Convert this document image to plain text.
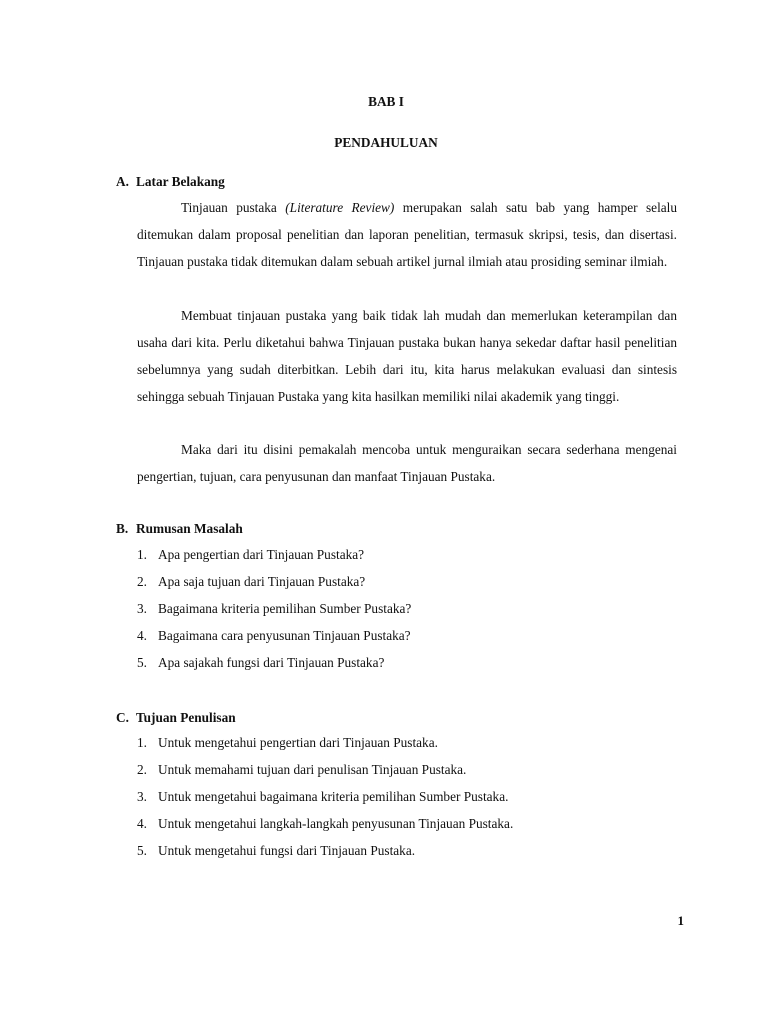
BAB I
PENDAHULUAN
A. Latar Belakang

Tinjauan pustaka (Literature Review) merupakan salah satu bab yang hamper selalu ditemukan dalam proposal penelitian dan laporan penelitian, termasuk skripsi, tesis, dan disertasi. Tinjauan pustaka tidak ditemukan dalam sebuah artikel jurnal ilmiah atau prosiding seminar ilmiah.

Membuat tinjauan pustaka yang baik tidak lah mudah dan memerlukan keterampilan dan usaha dari kita. Perlu diketahui bahwa Tinjauan pustaka bukan hanya sekedar daftar hasil penelitian sebelumnya yang sudah diterbitkan. Lebih dari itu, kita harus melakukan evaluasi dan sintesis sehingga sebuah Tinjauan Pustaka yang kita hasilkan memiliki nilai akademik yang tinggi.

Maka dari itu disini pemakalah mencoba untuk menguraikan secara sederhana mengenai pengertian, tujuan, cara penyusunan dan manfaat Tinjauan Pustaka.

B. Rumusan Masalah
1. Apa pengertian dari Tinjauan Pustaka?
2. Apa saja tujuan dari Tinjauan Pustaka?
3. Bagaimana kriteria pemilihan Sumber Pustaka?
4. Bagaimana cara penyusunan Tinjauan Pustaka?
5. Apa sajakah fungsi dari Tinjauan Pustaka?
C. Tujuan Penulisan
1. Untuk mengetahui pengertian dari Tinjauan Pustaka.
2. Untuk memahami tujuan dari penulisan Tinjauan Pustaka.
3. Untuk mengetahui bagaimana kriteria pemilihan Sumber Pustaka.
4. Untuk mengetahui langkah-langkah penyusunan Tinjauan Pustaka.
5. Untuk mengetahui fungsi dari Tinjauan Pustaka.
1
